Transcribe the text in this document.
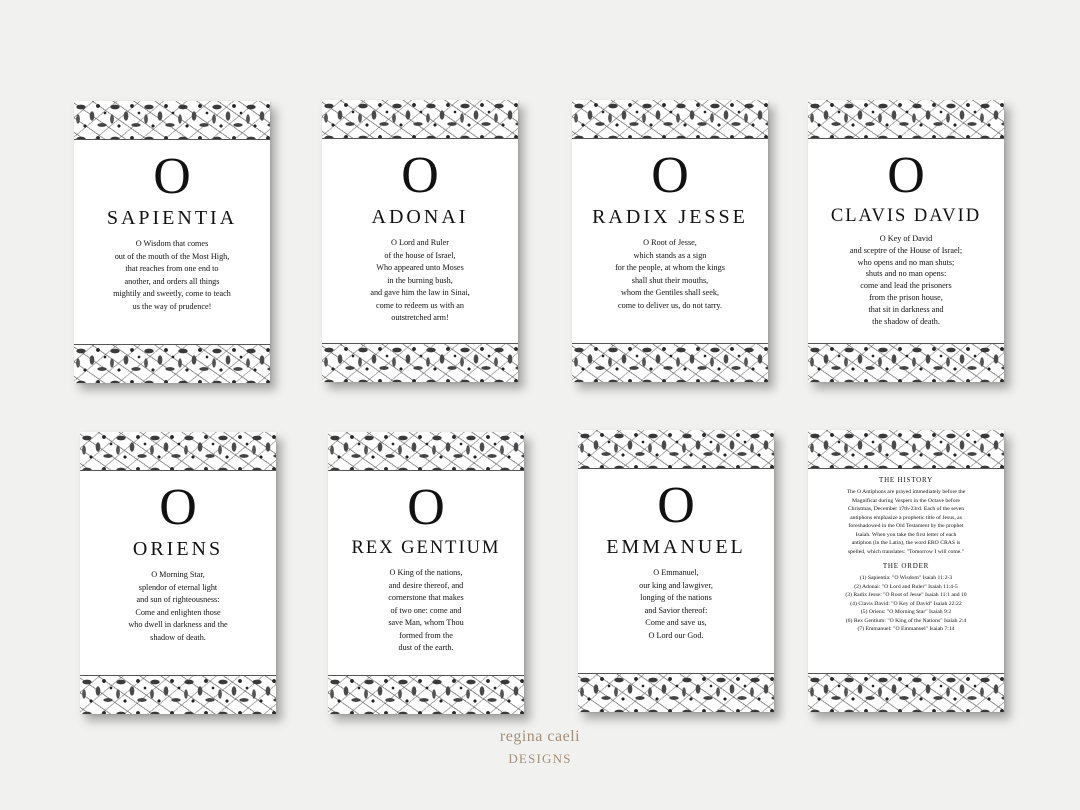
O
SAPIENTIA
O Wisdom that comes
out of the mouth of the Most High,
that reaches from one end to
another, and orders all things
mightily and sweetly, come to teach
us the way of prudence!
O
ADONAI
O Lord and Ruler
of the house of Israel,
Who appeared unto Moses
in the burning bush,
and gave him the law in Sinai,
come to redeem us with an
outstretched arm!
O
RADIX JESSE
O Root of Jesse,
which stands as a sign
for the people, at whom the kings
shall shut their mouths,
whom the Gentiles shall seek,
come to deliver us, do not tarry.
O
CLAVIS DAVID
O Key of David
and sceptre of the House of Israel;
who opens and no man shuts;
shuts and no man opens:
come and lead the prisoners
from the prison house,
that sit in darkness and
the shadow of death.
O
ORIENS
O Morning Star,
splendor of eternal light
and sun of righteousness:
Come and enlighten those
who dwell in darkness and the
shadow of death.
O
REX GENTIUM
O King of the nations,
and desire thereof, and
cornerstone that makes
of two one: come and
save Man, whom Thou
formed from the
dust of the earth.
O
EMMANUEL
O Emmanuel,
our king and lawgiver,
longing of the nations
and Savior thereof:
Come and save us,
O Lord our God.
THE HISTORY
The O Antiphons are prayed immediately before the
Magnificat during Vespers in the Octave before
Christmas, December 17th-23rd. Each of the seven
antiphons emphasize a prophetic title of Jesus, as
foreshadowed in the Old Testament by the prophet
Isaiah. When you take the first letter of each
antiphon (in the Latin), the word ERO CRAS is
spelled, which translates: "Tomorrow I will come."
THE ORDER
(1) Sapientia: "O Wisdom" Isaiah 11:2-3
(2) Adonai: "O Lord and Ruler" Isaiah 11:4-5
(3) Radix Jesse: "O Root of Jesse" Isaiah 11:1 and 10
(4) Clavis David: "O Key of David" Isaiah 22:22
(5) Oriens: "O Morning Star" Isaiah 9:2
(6) Rex Gentium: "O King of the Nations" Isaiah 2:4
(7) Emmanuel: "O Emmanuel" Isaiah 7:14
regina caeli
DESIGNS
